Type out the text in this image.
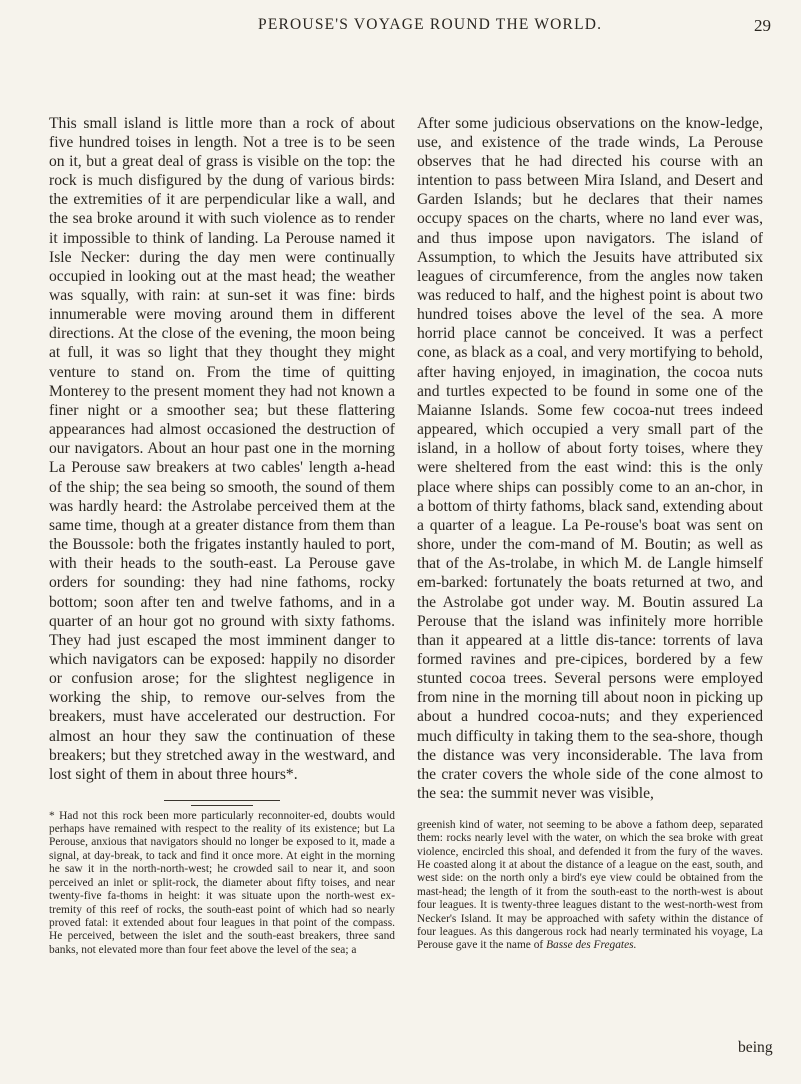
PEROUSE'S VOYAGE ROUND THE WORLD.	29

This small island is little more than a rock of about five hundred toises in length. Not a tree is to be seen on it, but a great deal of grass is visible on the top: the rock is much disfigured by the dung of various birds: the extremities of it are perpendicular like a wall, and the sea broke around it with such violence as to render it impossible to think of landing. La Perouse named it Isle Necker: during the day men were continually occupied in looking out at the mast head; the weather was squally, with rain: at sun-set it was fine: birds innumerable were moving around them in different directions. At the close of the evening, the moon being at full, it was so light that they thought they might venture to stand on. From the time of quitting Monterey to the present moment they had not known a finer night or a smoother sea; but these flattering appearances had almost occasioned the destruction of our navigators. About an hour past one in the morning La Perouse saw breakers at two cables' length a-head of the ship; the sea being so smooth, the sound of them was hardly heard: the Astrolabe perceived them at the same time, though at a greater distance from them than the Boussole: both the frigates instantly hauled to port, with their heads to the south-east. La Perouse gave orders for sounding: they had nine fathoms, rocky bottom; soon after ten and twelve fathoms, and in a quarter of an hour got no ground with sixty fathoms. They had just escaped the most imminent danger to which navigators can be exposed: happily no disorder or confusion arose; for the slightest negligence in working the ship, to remove our-selves from the breakers, must have accelerated our destruction. For almost an hour they saw the continuation of these breakers; but they stretched away in the westward, and lost sight of them in about three hours*.

* Had not this rock been more particularly reconnoiter-ed, doubts would perhaps have remained with respect to the reality of its existence; but La Perouse, anxious that navigators should no longer be exposed to it, made a signal, at day-break, to tack and find it once more. At eight in the morning he saw it in the north-north-west; he crowded sail to near it, and soon perceived an inlet or split-rock, the diameter about fifty toises, and near twenty-five fa-thoms in height: it was situate upon the north-west ex-tremity of this reef of rocks, the south-east point of which had so nearly proved fatal: it extended about four leagues in that point of the compass. He perceived, between the islet and the south-east breakers, three sand banks, not elevated more than four feet above the level of the sea; a

After some judicious observations on the know-ledge, use, and existence of the trade winds, La Perouse observes that he had directed his course with an intention to pass between Mira Island, and Desert and Garden Islands; but he declares that their names occupy spaces on the charts, where no land ever was, and thus impose upon navigators. The island of Assumption, to which the Jesuits have attributed six leagues of circumference, from the angles now taken was reduced to half, and the highest point is about two hundred toises above the level of the sea. A more horrid place cannot be conceived. It was a perfect cone, as black as a coal, and very mortifying to behold, after having enjoyed, in imagination, the cocoa nuts and turtles expected to be found in some one of the Maianne Islands. Some few cocoa-nut trees indeed appeared, which occupied a very small part of the island, in a hollow of about forty toises, where they were sheltered from the east wind: this is the only place where ships can possibly come to an an-chor, in a bottom of thirty fathoms, black sand, extending about a quarter of a league. La Pe-rouse's boat was sent on shore, under the com-mand of M. Boutin; as well as that of the As-trolabe, in which M. de Langle himself em-barked: fortunately the boats returned at two, and the Astrolabe got under way. M. Boutin assured La Perouse that the island was infinitely more horrible than it appeared at a little dis-tance: torrents of lava formed ravines and pre-cipices, bordered by a few stunted cocoa trees. Several persons were employed from nine in the morning till about noon in picking up about a hundred cocoa-nuts; and they experienced much difficulty in taking them to the sea-shore, though the distance was very inconsiderable. The lava from the crater covers the whole side of the cone almost to the sea: the summit never was visible,

greenish kind of water, not seeming to be above a fathom deep, separated them: rocks nearly level with the water, on which the sea broke with great violence, encircled this shoal, and defended it from the fury of the waves. He coasted along it at about the distance of a league on the east, south, and west side: on the north only a bird's eye view could be obtained from the mast-head; the length of it from the south-east to the north-west is about four leagues. It is twenty-three leagues distant to the west-north-west from Necker's Island. It may be approached with safety within the distance of four leagues. As this dangerous rock had nearly terminated his voyage, La Perouse gave it the name of Basse des Fregates.

being
